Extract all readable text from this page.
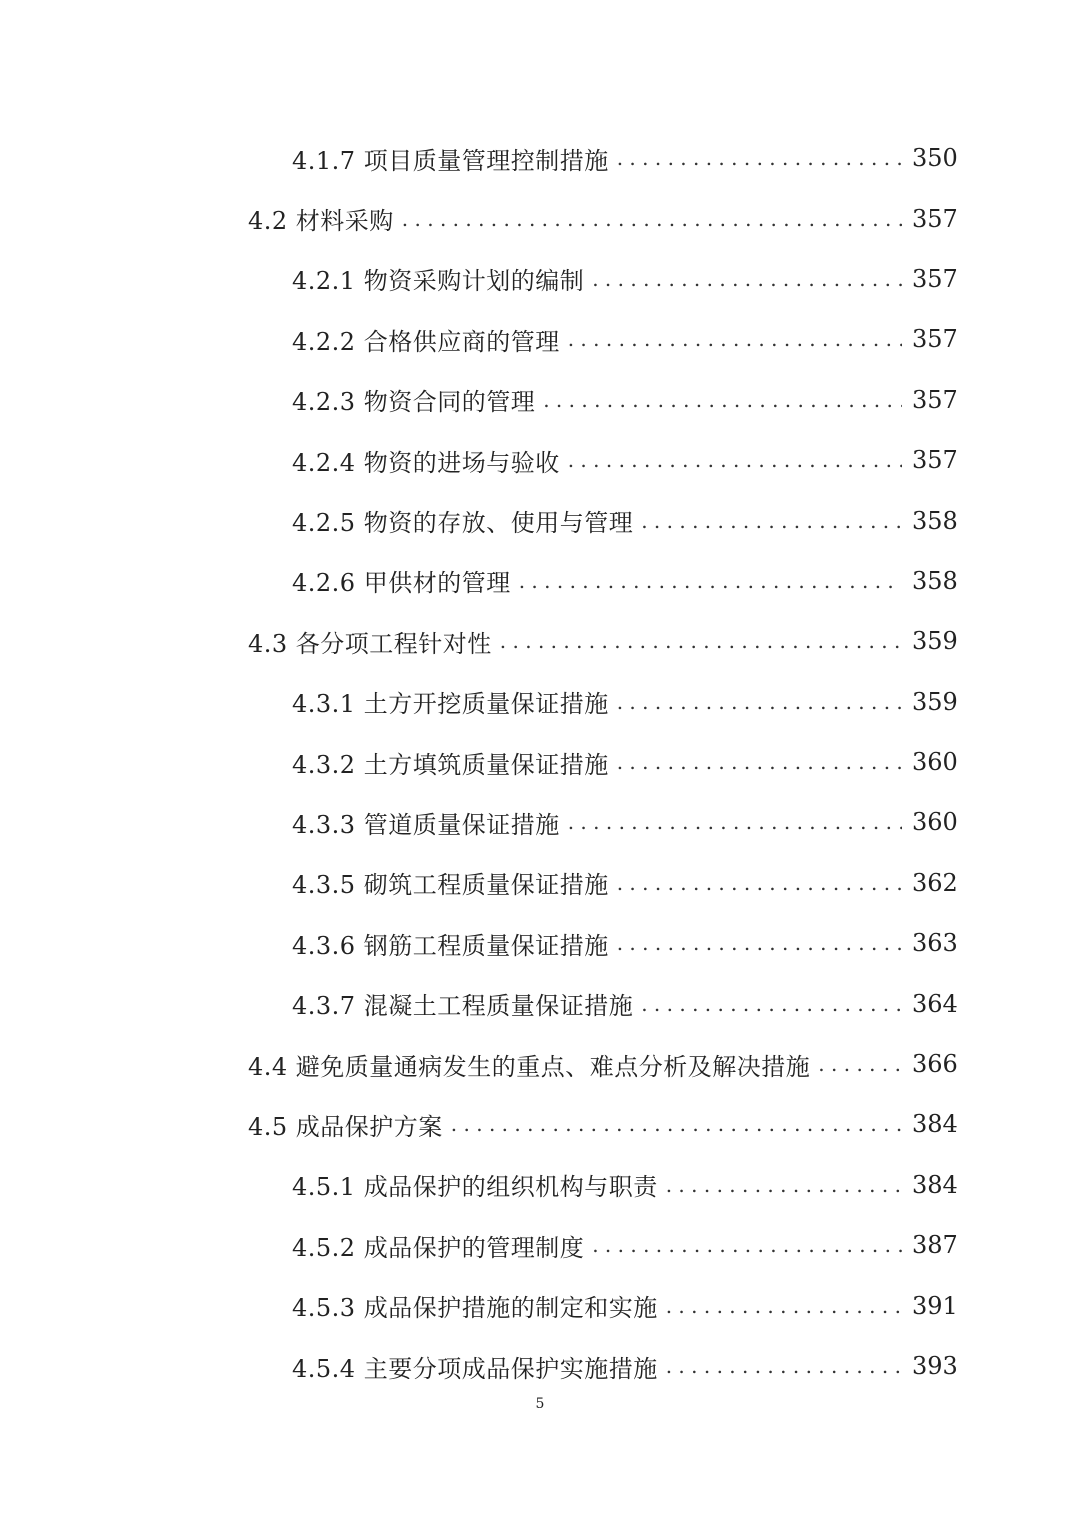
4.1.7 项目质量管理控制措施 . . .	350
4.2 材料采购 . . .	357
4.2.1 物资采购计划的编制 . . .	357
4.2.2 合格供应商的管理 . . .	357
4.2.3 物资合同的管理 . . .	357
4.2.4 物资的进场与验收 . . .	357
4.2.5 物资的存放、使用与管理 . . .	358
4.2.6 甲供材的管理 . . .	358
4.3 各分项工程针对性 . . .	359
4.3.1 土方开挖质量保证措施 . . .	359
4.3.2 土方填筑质量保证措施 . . .	360
4.3.3 管道质量保证措施 . . .	360
4.3.5 砌筑工程质量保证措施 . . .	362
4.3.6 钢筋工程质量保证措施 . . .	363
4.3.7 混凝土工程质量保证措施 . . .	364
4.4 避免质量通病发生的重点、难点分析及解决措施 . . .	366
4.5 成品保护方案 . . .	384
4.5.1 成品保护的组织机构与职责 . . .	384
4.5.2 成品保护的管理制度 . . .	387
4.5.3 成品保护措施的制定和实施 . . .	391
4.5.4 主要分项成品保护实施措施 . . .	393
5
